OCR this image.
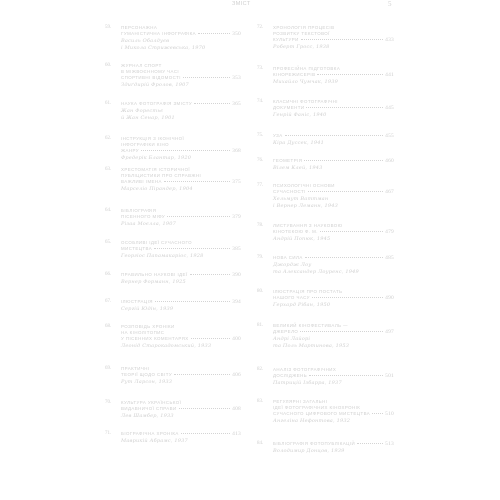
ЗМІСТ	5
59. ПЕРСОНАЖНА
ГУМАНІСТИЧНА ІНФОГРАФІКА	350
Василь Обалдуєв
і Микола Стрижевська, 1970
60. ЖУРНАЛ СПОРТ
В МІЖВОЄННОМУ ЧАСІ
СПОРТИВНІ ВІДОМОСТІ	353
Здиґдирій Фролов, 1907
61. НАУКА ФОТОГРАФІЯ ЗМІСТУ	365
Жан Форестьє
й Жан Сенар, 1901
62. ІНСТРУКЦІЯ З ІКОНІЧНОЇ
ІНФОГРАФІКИ КІНО
ЖАНРУ	368
Фредерік Блантар, 1920
63. ХРЕСТОМАТІЯ ІСТОРИЧНОЇ
ПУБЛІЦИСТИКИ ПРО СПРАВЖНІ
ВАЖЛИВІ ІМЕНА	375
Марселіо Пірандер, 1904
64. БІБЛІОГРАФІЯ
ПІСЕННОГО МІФУ	379
Різаа Моєлла, 1907
65. ОСОБЛИВІ ІДЕЇ СУЧАСНОГО
МИСТЕЦТВА	385
Георгіос Папамакаріос, 1928
66. ПРАВИЛЬНО НАУКОВІ ІДЕЇ	390
Вернер Форманн, 1925
67. ІЛЮСТРАЦІЯ	394
Сергій Юдін, 1939
68. РОЗПОВІДЬ ХРОНІКИ
НА КІНОЛІТОПИС
У ПІСЕННИХ КОМЕНТАРЯХ	400
Леонід Старокадомський, 1933
69. ПРАКТИЧНІ
ТЕОРІЇ ЩОДО СВІТУ	406
Рут Ларсон, 1933
70. КУЛЬТУРА УКРАЇНСЬКОЇ
ВИДАВНИЧОЇ СПРАВИ	408
Лев Шамбер, 1933
71. БІОГРАФІЧНА ХРОНІКА	413
Маврикій Абрамс, 1937
72. ХРОНОЛОГІЯ ПРОЦЕСІВ
РОЗВИТКУ ТЕКСТОВОЇ
КУЛЬТУРИ	433
Роберт Гросс, 1938
73. ПРОФЕСІЙНА ПІДГОТОВКА
КІНОРЕЖИСЕРІВ	441
Михайло Чумчак, 1939
74. КЛАСИЧНІ ФОТОГРАФІЧНІ
ДОКУМЕНТИ	445
Генрій Фаніс, 1940
75. УЗА	455
Кіра Дуссек, 1941
76. ГЕОМЕТРІЯ	460
Вілем Клей, 1943
77. ПСИХОЛОГІЧНІ ОСНОВИ
СУЧАСНОСТІ	467
Хельмут Ваттман
і Вернер Леманн, 1943
78. ЛИСТУВАННЯ З НАУКОВОЮ
КІНОТЕКОЮ Ф. М.	479
Андрій Попюк, 1945
79. НОВА СИЛА	485
Джордж Лоу
та Александер Лоуренс, 1949
80. ІЛЮСТРАЦІЯ ПРО ПОСТАТЬ
НАШОГО ЧАСУ	490
Ґерхард Рібан, 1950
81. ВЕЛИКИЙ КІНОФЕСТИВАЛЬ —
ДЖЕРЕЛО	497
Андрі Лайорі
та Поль Мартинова, 1953
82. АНАЛІЗ ФОТОГРАФІЧНИХ
ДОСЛІДЖЕНЬ	501
Патрицій Ізбарра, 1937
83. РЕГУЛЯРНІ ЗАГАЛЬНІ
ІДЕЇ ФОТОГРАФІЧНИХ КІНОХРОНІК
СУЧАСНОГО ЦИФРОВОГО МИСТЕЦТВА	510
Ангеліна Нефонтова, 1932
84. БІБЛІОГРАФІЯ ФОТОПУБЛІКАЦІЙ	513
Володимир Донцов, 1939
